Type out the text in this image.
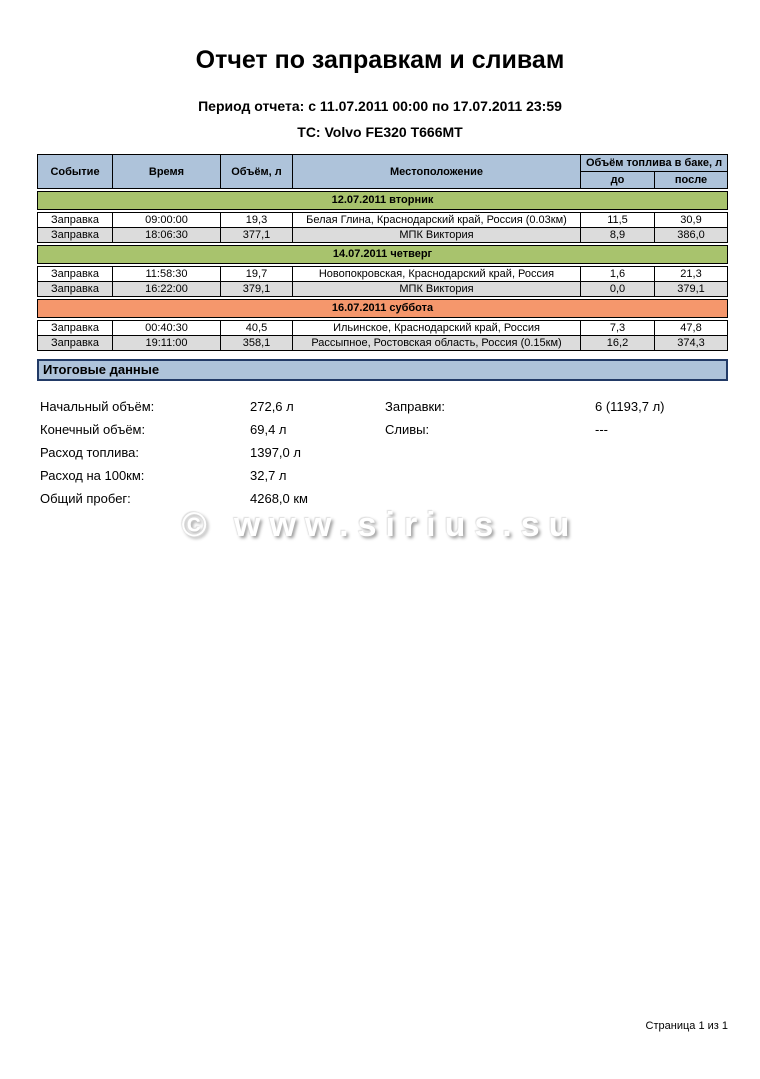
Отчет по заправкам и сливам
Период отчета: с 11.07.2011 00:00 по 17.07.2011 23:59
ТС: Volvo FE320 Т666МТ
Событие	Время	Объём, л	Местоположение	Объём топлива в баке, л	
				до	после
12.07.2011 вторник
Заправка	09:00:00	19,3	Белая Глина, Краснодарский край, Россия (0.03км)	11,5	30,9
Заправка	18:06:30	377,1	МПК Виктория	8,9	386,0
14.07.2011 четверг
Заправка	11:58:30	19,7	Новопокровская, Краснодарский край, Россия	1,6	21,3
Заправка	16:22:00	379,1	МПК Виктория	0,0	379,1
16.07.2011 суббота
Заправка	00:40:30	40,5	Ильинское, Краснодарский край, Россия	7,3	47,8
Заправка	19:11:00	358,1	Рассыпное, Ростовская область, Россия (0.15км)	16,2	374,3
Итоговые данные
Начальный объём:	272,6 л	Заправки:	6 (1193,7 л)
Конечный объём:	69,4 л	Сливы:	---
Расход топлива:	1397,0 л
Расход на 100км:	32,7 л
Общий пробег:	4268,0 км
© www.sirius.su
Страница 1 из 1
